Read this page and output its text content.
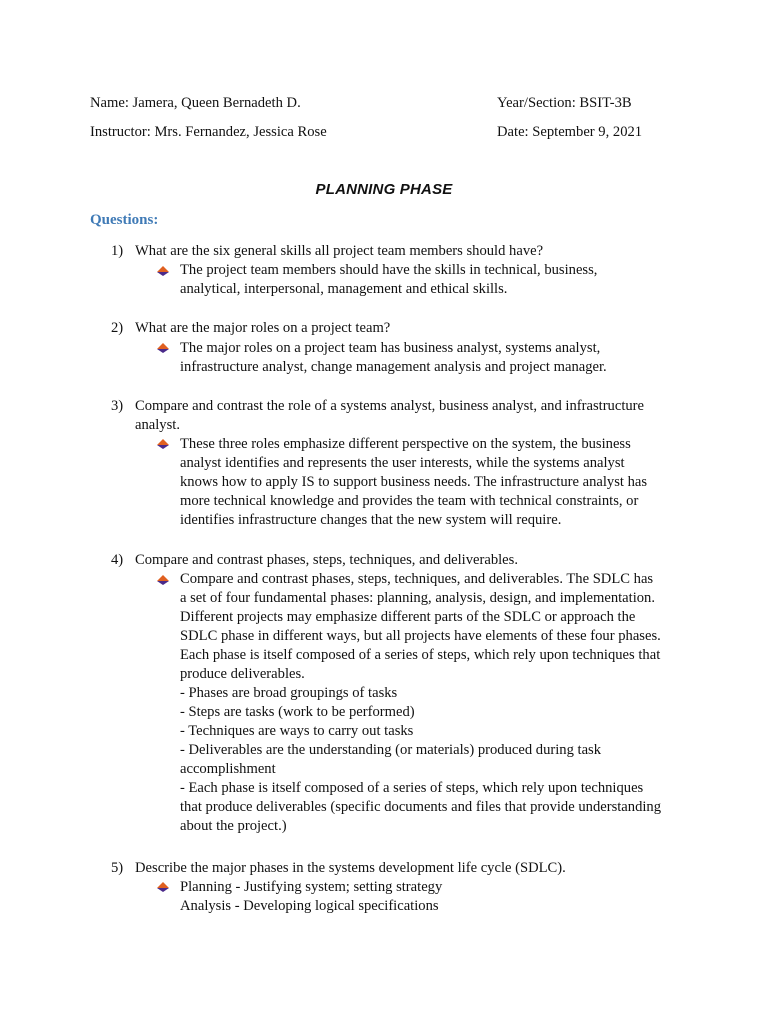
Name: Jamera, Queen Bernadeth D.	Year/Section: BSIT-3B
Instructor: Mrs. Fernandez, Jessica Rose	Date: September 9, 2021
PLANNING PHASE
Questions:
1) What are the six general skills all project team members should have?
The project team members should have the skills in technical, business,
analytical, interpersonal, management and ethical skills.
2) What are the major roles on a project team?
The major roles on a project team has business analyst, systems analyst,
infrastructure analyst, change management analysis and project manager.
3) Compare and contrast the role of a systems analyst, business analyst, and infrastructure
analyst.
These three roles emphasize different perspective on the system, the business
analyst identifies and represents the user interests, while the systems analyst
knows how to apply IS to support business needs. The infrastructure analyst has
more technical knowledge and provides the team with technical constraints, or
identifies infrastructure changes that the new system will require.
4) Compare and contrast phases, steps, techniques, and deliverables.
Compare and contrast phases, steps, techniques, and deliverables. The SDLC has
a set of four fundamental phases: planning, analysis, design, and implementation.
Different projects may emphasize different parts of the SDLC or approach the
SDLC phase in different ways, but all projects have elements of these four phases.
Each phase is itself composed of a series of steps, which rely upon techniques that
produce deliverables.
- Phases are broad groupings of tasks
- Steps are tasks (work to be performed)
- Techniques are ways to carry out tasks
- Deliverables are the understanding (or materials) produced during task
accomplishment
- Each phase is itself composed of a series of steps, which rely upon techniques
that produce deliverables (specific documents and files that provide understanding
about the project.)
5) Describe the major phases in the systems development life cycle (SDLC).
Planning - Justifying system; setting strategy
Analysis - Developing logical specifications
